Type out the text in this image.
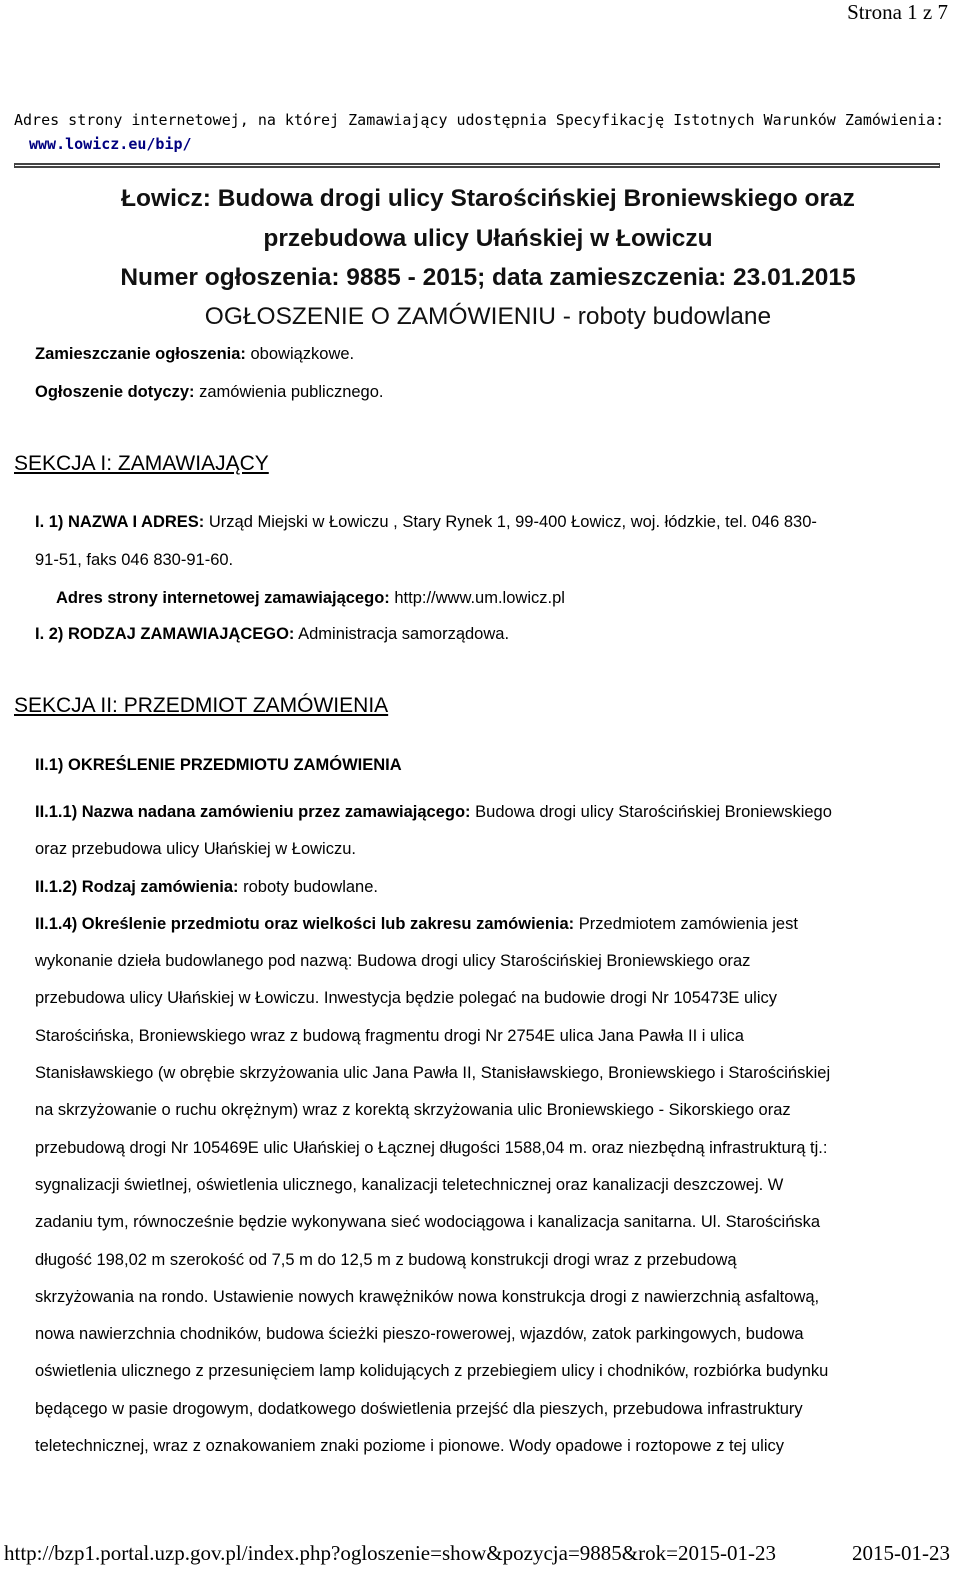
Strona 1 z 7
Adres strony internetowej, na której Zamawiający udostępnia Specyfikację Istotnych Warunków Zamówienia:
www.lowicz.eu/bip/
Łowicz: Budowa drogi ulicy Starościńskiej Broniewskiego oraz
przebudowa ulicy Ułańskiej w Łowiczu
Numer ogłoszenia: 9885 - 2015; data zamieszczenia: 23.01.2015
OGŁOSZENIE O ZAMÓWIENIU - roboty budowlane
Zamieszczanie ogłoszenia: obowiązkowe.
Ogłoszenie dotyczy: zamówienia publicznego.
SEKCJA I: ZAMAWIAJĄCY
I. 1) NAZWA I ADRES: Urząd Miejski w Łowiczu , Stary Rynek 1, 99-400 Łowicz, woj. łódzkie, tel. 046 830-
91-51, faks 046 830-91-60.
Adres strony internetowej zamawiającego: http://www.um.lowicz.pl
I. 2) RODZAJ ZAMAWIAJĄCEGO: Administracja samorządowa.
SEKCJA II: PRZEDMIOT ZAMÓWIENIA
II.1) OKREŚLENIE PRZEDMIOTU ZAMÓWIENIA
II.1.1) Nazwa nadana zamówieniu przez zamawiającego: Budowa drogi ulicy Starościńskiej Broniewskiego
oraz przebudowa ulicy Ułańskiej w Łowiczu.
II.1.2) Rodzaj zamówienia: roboty budowlane.
II.1.4) Określenie przedmiotu oraz wielkości lub zakresu zamówienia: Przedmiotem zamówienia jest
wykonanie dzieła budowlanego pod nazwą: Budowa drogi ulicy Starościńskiej Broniewskiego oraz
przebudowa ulicy Ułańskiej w Łowiczu. Inwestycja będzie polegać na budowie drogi Nr 105473E ulicy
Starościńska, Broniewskiego wraz z budową fragmentu drogi Nr 2754E ulica Jana Pawła II i ulica
Stanisławskiego (w obrębie skrzyżowania ulic Jana Pawła II, Stanisławskiego, Broniewskiego i Starościńskiej
na skrzyżowanie o ruchu okrężnym) wraz z korektą skrzyżowania ulic Broniewskiego - Sikorskiego oraz
przebudową drogi Nr 105469E ulic Ułańskiej o Łącznej długości 1588,04 m. oraz niezbędną infrastrukturą tj.:
sygnalizacji świetlnej, oświetlenia ulicznego, kanalizacji teletechnicznej oraz kanalizacji deszczowej. W
zadaniu tym, równocześnie będzie wykonywana sieć wodociągowa i kanalizacja sanitarna. Ul. Starościńska
długość 198,02 m szerokość od 7,5 m do 12,5 m z budową konstrukcji drogi wraz z przebudową
skrzyżowania na rondo. Ustawienie nowych krawężników nowa konstrukcja drogi z nawierzchnią asfaltową,
nowa nawierzchnia chodników, budowa ścieżki pieszo-rowerowej, wjazdów, zatok parkingowych, budowa
oświetlenia ulicznego z przesunięciem lamp kolidujących z przebiegiem ulicy i chodników, rozbiórka budynku
będącego w pasie drogowym, dodatkowego doświetlenia przejść dla pieszych, przebudowa infrastruktury
teletechnicznej, wraz z oznakowaniem znaki poziome i pionowe. Wody opadowe i roztopowe z tej ulicy
http://bzp1.portal.uzp.gov.pl/index.php?ogloszenie=show&pozycja=9885&rok=2015-01-23	2015-01-23
